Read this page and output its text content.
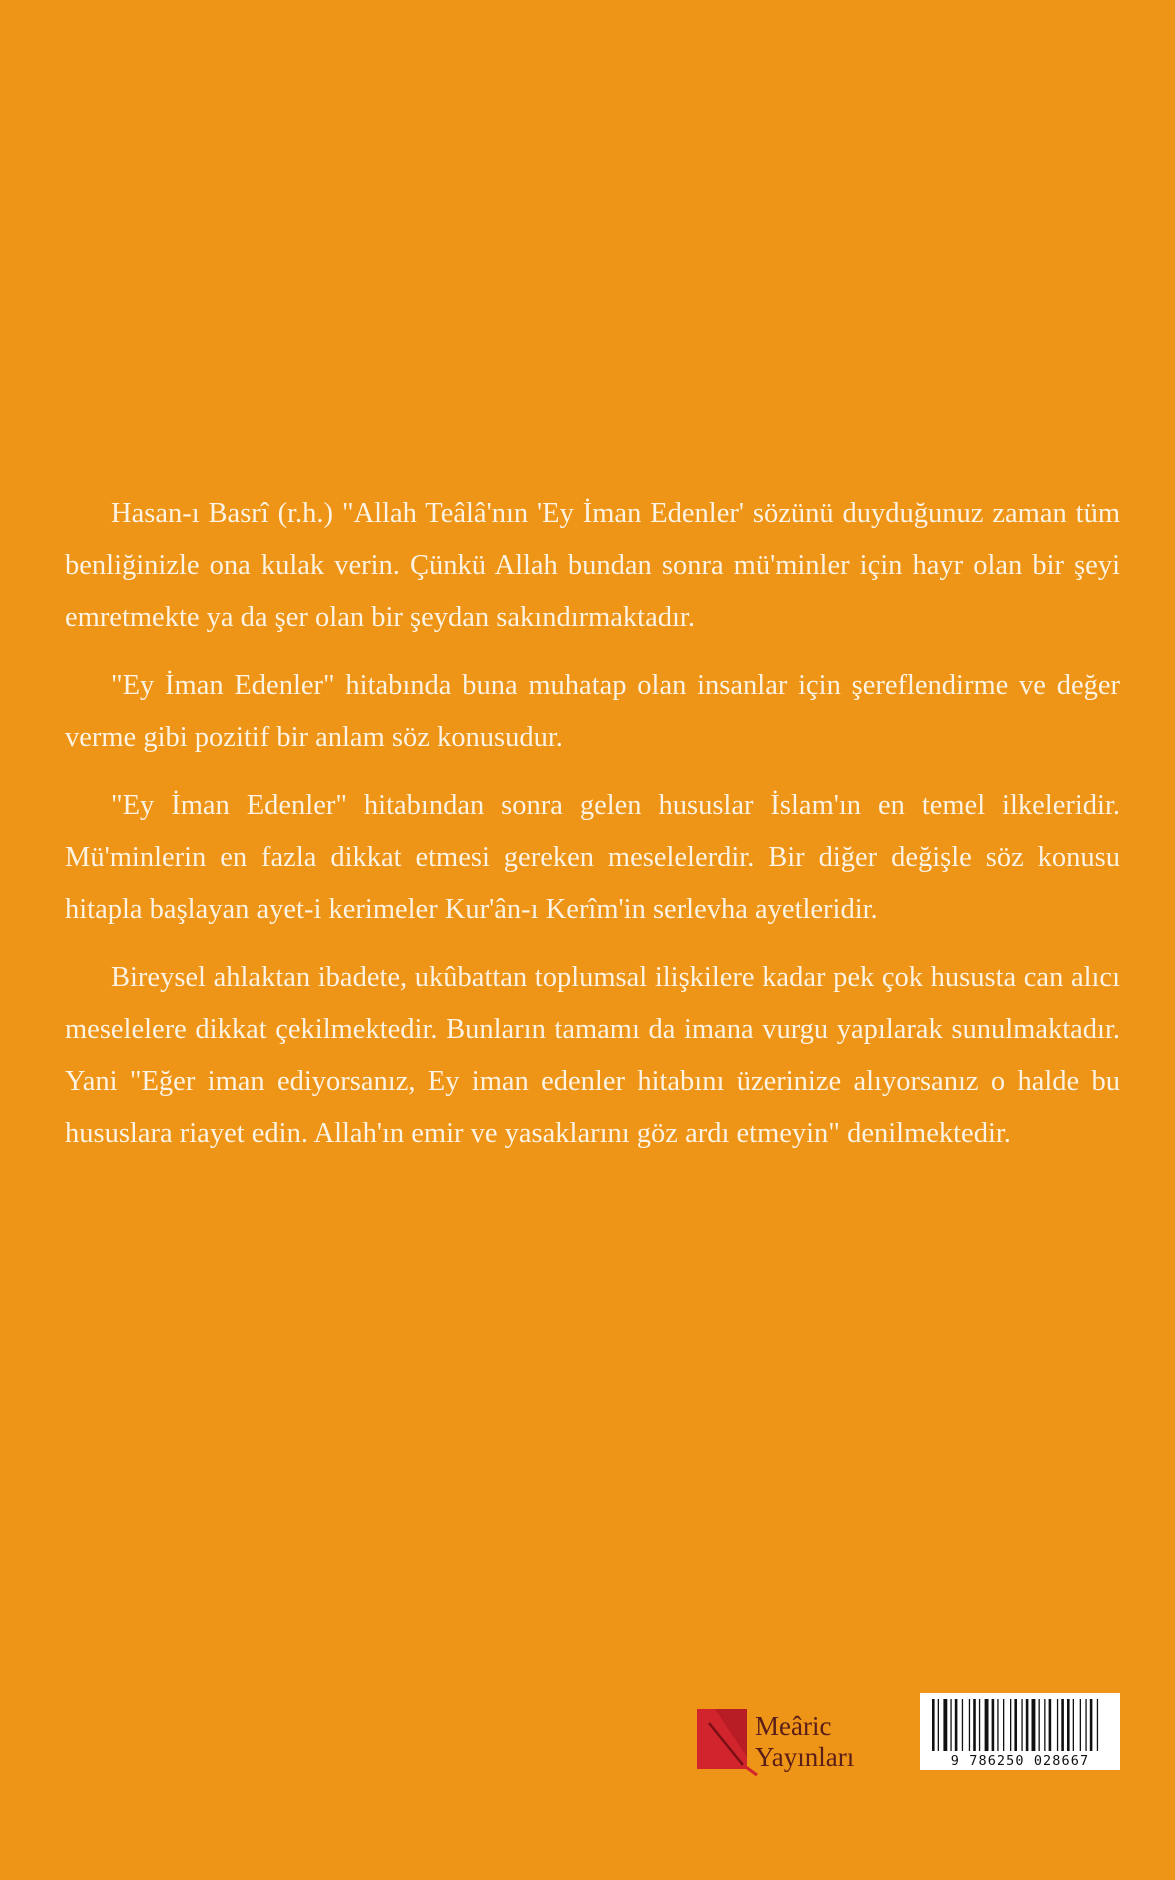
Hasan-ı Basrî (r.h.) "Allah Teâlâ'nın 'Ey İman Edenler' sözünü duyduğunuz zaman tüm benliğinizle ona kulak verin. Çünkü Allah bundan sonra mü'minler için hayr olan bir şeyi emretmekte ya da şer olan bir şeydan sakındırmaktadır.

"Ey İman Edenler" hitabında buna muhatap olan insanlar için şereflendirme ve değer verme gibi pozitif bir anlam söz konusudur.

"Ey İman Edenler" hitabından sonra gelen hususlar İslam'ın en temel ilkeleridir. Mü'minlerin en fazla dikkat etmesi gereken meselelerdir. Bir diğer değişle söz konusu hitapla başlayan ayet-i kerimeler Kur'ân-ı Kerîm'in serlevha ayetleridir.

Bireysel ahlaktan ibadete, ukûbattan toplumsal ilişkilere kadar pek çok hususta can alıcı meselelere dikkat çekilmektedir. Bunların tamamı da imana vurgu yapılarak sunulmaktadır. Yani "Eğer iman ediyorsanız, Ey iman edenler hitabını üzerinize alıyorsanız o halde bu hususlara riayet edin. Allah'ın emir ve yasaklarını göz ardı etmeyin" denilmektedir.

Meâric
Yayınları	9 786250 028667
